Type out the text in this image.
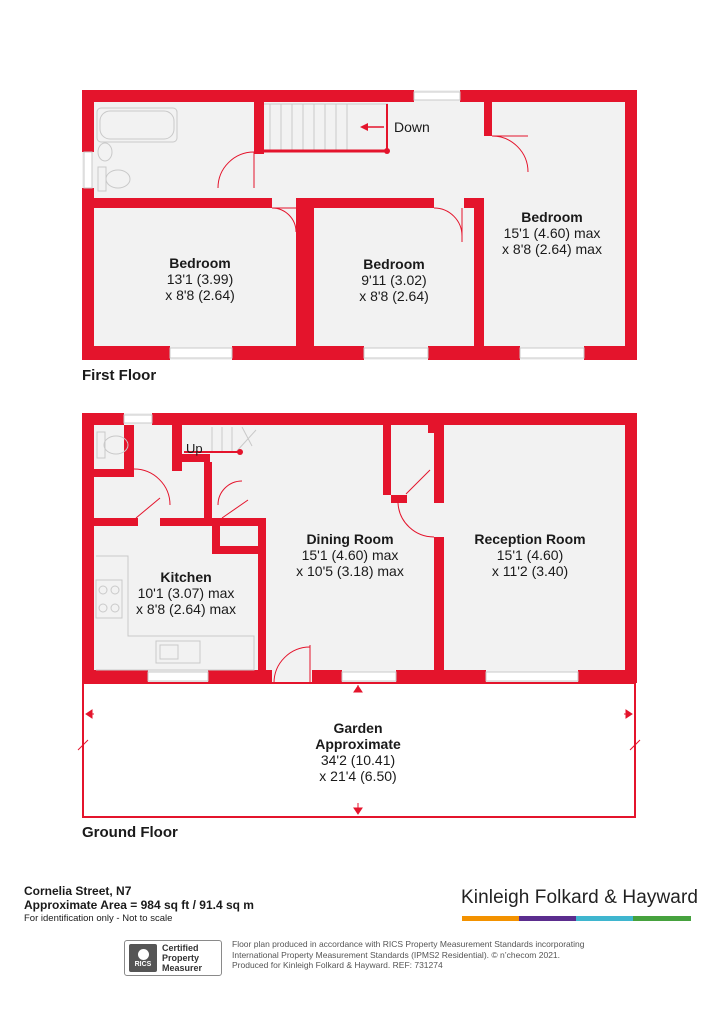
Down
Bedroom
13'1 (3.99)
x 8'8 (2.64)
Bedroom
9'11 (3.02)
x 8'8 (2.64)
Bedroom
15'1 (4.60) max
x 8'8 (2.64) max
Up
Kitchen
10'1 (3.07) max
x 8'8 (2.64) max
Dining Room
15'1 (4.60) max
x 10'5 (3.18) max
Reception Room
15'1 (4.60)
x 11'2 (3.40)
Garden
Approximate
34'2 (10.41)
x 21'4 (6.50)
First Floor
Ground Floor
Cornelia Street, N7
Approximate Area = 984 sq ft / 91.4 sq m
For identification only - Not to scale
Kinleigh Folkard & Hayward
RICS
Certified
Property
Measurer
Floor plan produced in accordance with RICS Property Measurement Standards incorporating International Property Measurement Standards (IPMS2 Residential). © n’checom 2021. Produced for Kinleigh Folkard & Hayward. REF: 731274
